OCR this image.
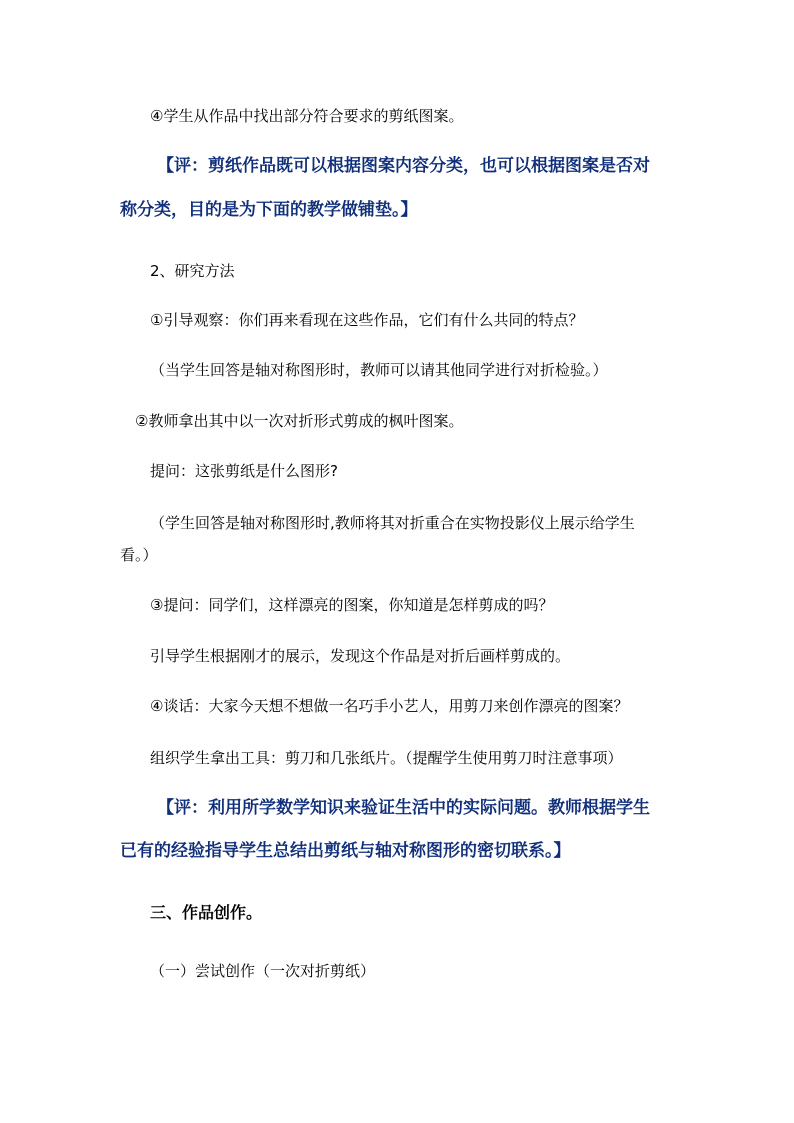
④学生从作品中找出部分符合要求的剪纸图案。
【评：剪纸作品既可以根据图案内容分类，也可以根据图案是否对
称分类，目的是为下面的教学做铺垫。】
2、研究方法
①引导观察：你们再来看现在这些作品，它们有什么共同的特点？
（当学生回答是轴对称图形时，教师可以请其他同学进行对折检验。）
②教师拿出其中以一次对折形式剪成的枫叶图案。
提问：这张剪纸是什么图形?
（学生回答是轴对称图形时,教师将其对折重合在实物投影仪上展示给学生
看。）
③提问：同学们，这样漂亮的图案，你知道是怎样剪成的吗？
引导学生根据刚才的展示，发现这个作品是对折后画样剪成的。
④谈话：大家今天想不想做一名巧手小艺人，用剪刀来创作漂亮的图案？
组织学生拿出工具：剪刀和几张纸片。（提醒学生使用剪刀时注意事项）
【评：利用所学数学知识来验证生活中的实际问题。教师根据学生
已有的经验指导学生总结出剪纸与轴对称图形的密切联系。】
三、作品创作。
（一）尝试创作（一次对折剪纸）
